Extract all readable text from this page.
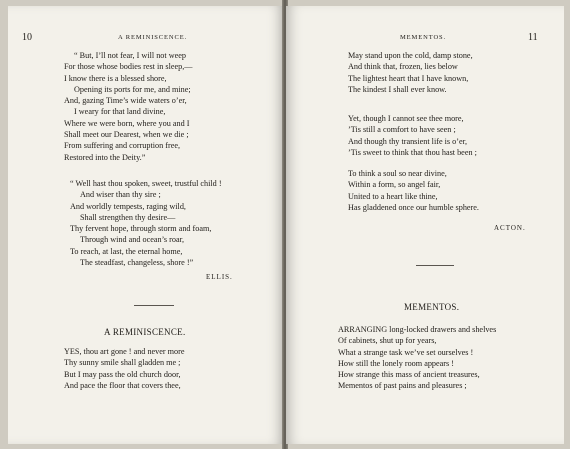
10	A REMINISCENCE.
“ But, I’ll not fear, I will not weep
For those whose bodies rest in sleep,—
I know there is a blessed shore,
Opening its ports for me, and mine;
And, gazing Time’s wide waters o’er,
I weary for that land divine,
Where we were born, where you and I
Shall meet our Dearest, when we die ;
From suffering and corruption free,
Restored into the Deity.”
“ Well hast thou spoken, sweet, trustful child !
And wiser than thy sire ;
And worldly tempests, raging wild,
Shall strengthen thy desire—
Thy fervent hope, through storm and foam,
Through wind and ocean’s roar,
To reach, at last, the eternal home,
The steadfast, changeless, shore !”
ELLIS.
A REMINISCENCE.
YES, thou art gone ! and never more
Thy sunny smile shall gladden me ;
But I may pass the old church door,
And pace the floor that covers thee,
MEMENTOS.	11
May stand upon the cold, damp stone,
And think that, frozen, lies below
The lightest heart that I have known,
The kindest I shall ever know.
Yet, though I cannot see thee more,
’Tis still a comfort to have seen ;
And though thy transient life is o’er,
’Tis sweet to think that thou hast been ;
To think a soul so near divine,
Within a form, so angel fair,
United to a heart like thine,
Has gladdened once our humble sphere.
ACTON.
MEMENTOS.
ARRANGING long-locked drawers and shelves
Of cabinets, shut up for years,
What a strange task we’ve set ourselves !
How still the lonely room appears !
How strange this mass of ancient treasures,
Mementos of past pains and pleasures ;
